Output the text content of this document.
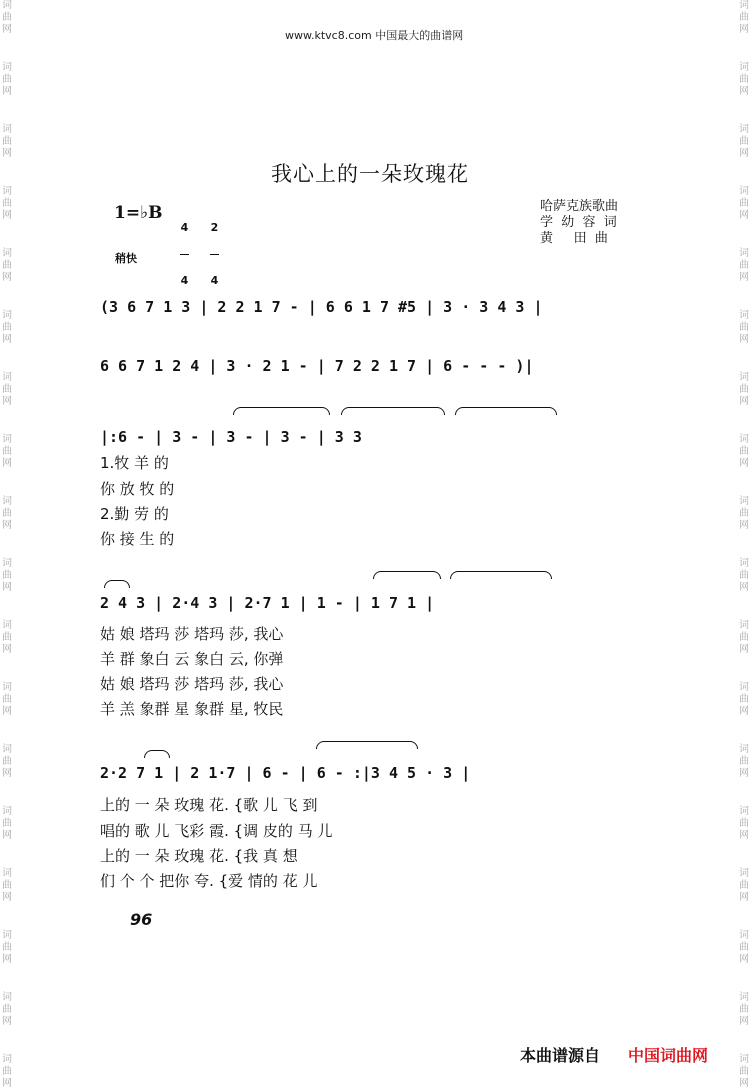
词
曲
网
词
曲
网
词
曲
网
词
曲
网
词
曲
网
词
曲
网
词
曲
网
词
曲
网
词
曲
网
词
曲
网
词
曲
网
词
曲
网
词
曲
网
词
曲
网
词
曲
网
词
曲
网
词
曲
网
词
曲
网
词
曲
网
词
曲
网
词
曲
网
词
曲
网
词
曲
网
词
曲
网
词
曲
网
词
曲
网
词
曲
网
词
曲
网
词
曲
网
词
曲
网
词
曲
网
词
曲
网
词
曲
网
词
曲
网
词
曲
网
词
曲
网
www.ktvc8.com 中国最大的曲谱网
我心上的一朵玫瑰花
1=♭B

4

4

2

4

哈萨克族歌曲
学  幼  容  词
黄     田  曲
稍快
(3 6 7 1 3 | 2 2 1 7 - | 6 6 1 7 #5 | 3 · 3 4 3 |
6 6 7 1 2 4 | 3 · 2 1 - | 7 2 2 1 7 | 6 - - - )|
|:6 - | 3 - | 3 - | 3 - | 3 3
1.牧 羊 的
你 放 牧 的
2.勤 劳 的
你 接 生 的
2 4 3 | 2·4 3 | 2·7 1 | 1 - | 1 7 1 |
姑 娘 塔玛 莎 塔玛 莎, 我心
羊 群 象白 云 象白 云, 你弹
姑 娘 塔玛 莎 塔玛 莎, 我心
羊 羔 象群 星 象群 星, 牧民
2·2 7 1 | 2 1·7 | 6 - | 6 - :|3 4 5 · 3 |
上的 一 朵 玫瑰 花. {歌 儿 飞 到
唱的 歌 儿 飞彩 霞. {调 皮的 马 儿
上的 一 朵 玫瑰 花. {我 真 想
们 个 个 把你 夸. {爱 情的 花 儿
96
本曲谱源自 中国词曲网
